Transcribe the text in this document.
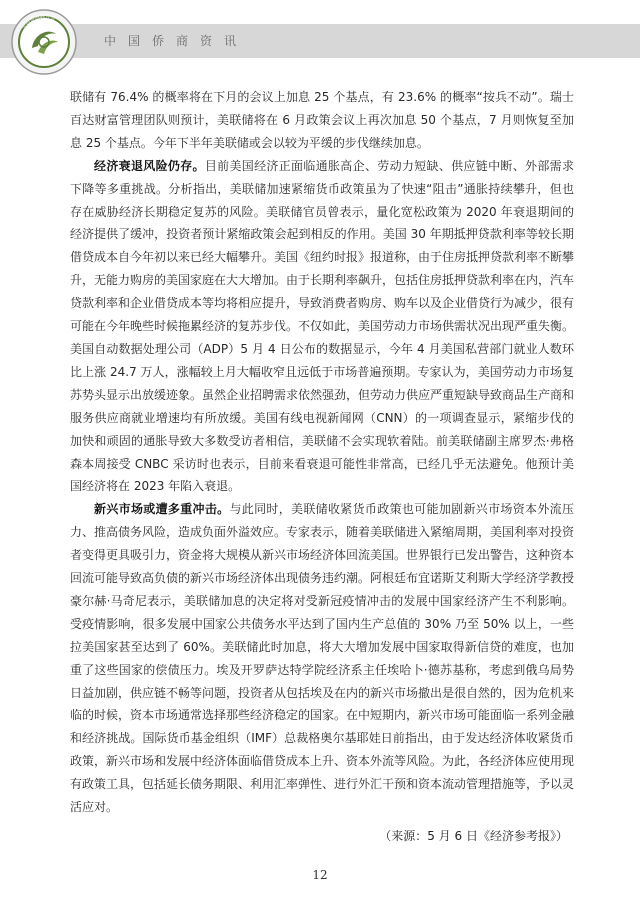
中国侨商资讯
中国侨商联合会

联储有 76.4% 的概率将在下月的会议上加息 25 个基点，有 23.6% 的概率“按兵不动”。瑞士百达财富管理团队则预计，美联储将在 6 月政策会议上再次加息 50 个基点，7 月则恢复至加息 25 个基点。今年下半年美联储或会以较为平缓的步伐继续加息。

经济衰退风险仍存。目前美国经济正面临通胀高企、劳动力短缺、供应链中断、外部需求下降等多重挑战。分析指出，美联储加速紧缩货币政策虽为了快速“阻击”通胀持续攀升，但也存在威胁经济长期稳定复苏的风险。美联储官员曾表示，量化宽松政策为 2020 年衰退期间的经济提供了缓冲，投资者预计紧缩政策会起到相反的作用。美国 30 年期抵押贷款利率等较长期借贷成本自今年初以来已经大幅攀升。美国《纽约时报》报道称，由于住房抵押贷款利率不断攀升，无能力购房的美国家庭在大大增加。由于长期利率飙升，包括住房抵押贷款利率在内，汽车贷款利率和企业借贷成本等均将相应提升，导致消费者购房、购车以及企业借贷行为减少，很有可能在今年晚些时候拖累经济的复苏步伐。不仅如此，美国劳动力市场供需状况出现严重失衡。美国自动数据处理公司（ADP）5 月 4 日公布的数据显示，今年 4 月美国私营部门就业人数环比上涨 24.7 万人，涨幅较上月大幅收窄且远低于市场普遍预期。专家认为，美国劳动力市场复苏势头显示出放缓迹象。虽然企业招聘需求依然强劲，但劳动力供应严重短缺导致商品生产商和服务供应商就业增速均有所放缓。美国有线电视新闻网（CNN）的一项调查显示，紧缩步伐的加快和顽固的通胀导致大多数受访者相信，美联储不会实现软着陆。前美联储副主席罗杰·弗格森本周接受 CNBC 采访时也表示，目前来看衰退可能性非常高，已经几乎无法避免。他预计美国经济将在 2023 年陷入衰退。

新兴市场或遭多重冲击。与此同时，美联储收紧货币政策也可能加剧新兴市场资本外流压力、推高债务风险，造成负面外溢效应。专家表示，随着美联储进入紧缩周期，美国利率对投资者变得更具吸引力，资金将大规模从新兴市场经济体回流美国。世界银行已发出警告，这种资本回流可能导致高负债的新兴市场经济体出现债务违约潮。阿根廷布宜诺斯艾利斯大学经济学教授豪尔赫·马奇尼表示，美联储加息的决定将对受新冠疫情冲击的发展中国家经济产生不利影响。受疫情影响，很多发展中国家公共债务水平达到了国内生产总值的 30% 乃至 50% 以上，一些拉美国家甚至达到了 60%。美联储此时加息，将大大增加发展中国家取得新信贷的难度，也加重了这些国家的偿债压力。埃及开罗萨达特学院经济系主任埃哈卜·德苏基称，考虑到俄乌局势日益加剧，供应链不畅等问题，投资者从包括埃及在内的新兴市场撤出是很自然的，因为危机来临的时候，资本市场通常选择那些经济稳定的国家。在中短期内，新兴市场可能面临一系列金融和经济挑战。国际货币基金组织（IMF）总裁格奥尔基耶娃日前指出，由于发达经济体收紧货币政策，新兴市场和发展中经济体面临借贷成本上升、资本外流等风险。为此，各经济体应使用现有政策工具，包括延长债务期限、利用汇率弹性、进行外汇干预和资本流动管理措施等，予以灵活应对。

（来源：5 月 6 日《经济参考报》）
12
